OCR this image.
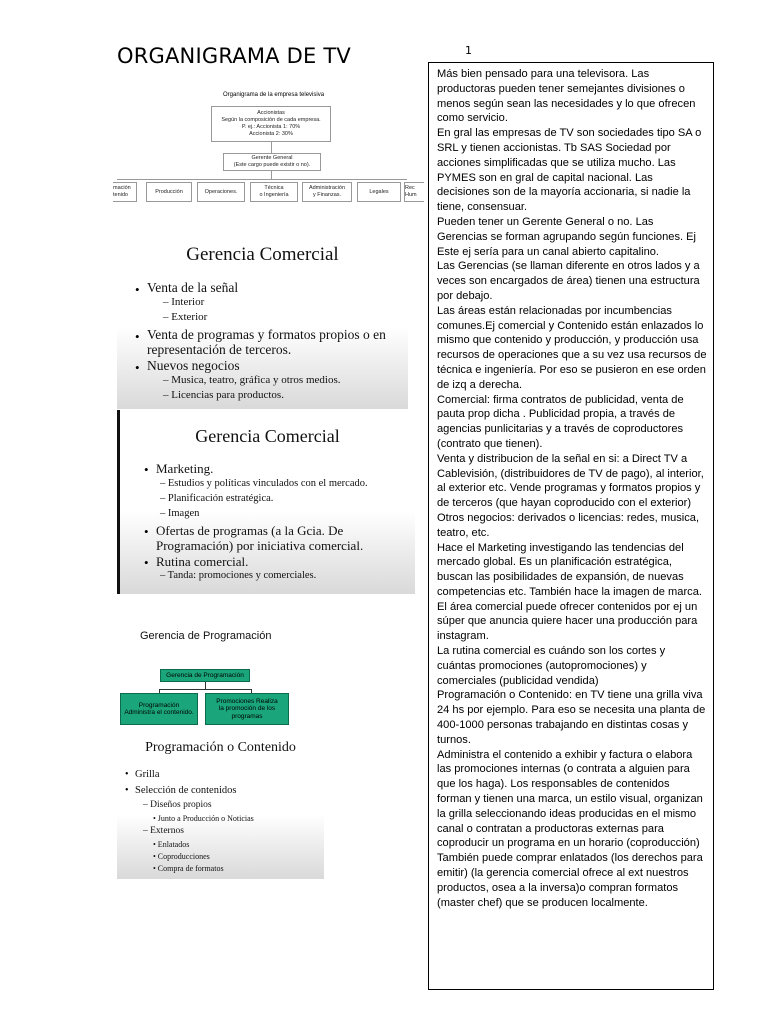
ORGANIGRAMA DE TV	1
Organigrama de la empresa televisiva
Accionistas
Según la composición de cada empresa.
P. ej.: Accionista 1: 70%
Accionista 2: 30%
Gerente General
(Este cargo puede existir o no).
mación
tenido
Producción	Operaciones.
Técnica
o Ingeniería
Administración
y Finanzas.
Legales
Rec
Hum
Gerencia Comercial
• Venta de la señal
– Interior
– Exterior
• Venta de programas y formatos propios o en
representación de terceros.
• Nuevos negocios
– Musica, teatro, gráfica y otros medios.
– Licencias para productos.
Gerencia Comercial
• Marketing.
– Estudios y políticas vinculados con el mercado.
– Planificación estratégica.
– Imagen
• Ofertas de programas (a la Gcia. De
Programación) por iniciativa comercial.
• Rutina comercial.
– Tanda: promociones y comerciales.
Gerencia de Programación
Gerencia de Programación
Programación
Administra el contenido.
Promociones Realiza
la promoción de los
programas
Programación o Contenido
• Grilla
• Selección de contenidos
– Diseños propios
• Junto a Producción o Noticias
– Externos
• Enlatados
• Coproducciones
• Compra de formatos

Más bien pensado para una televisora. Las productoras pueden tener semejantes divisiones o menos según sean las necesidades y lo que ofrecen como servicio.

En gral las empresas de TV son sociedades tipo SA o SRL y tienen accionistas. Tb SAS Sociedad por acciones simplificadas que se utiliza mucho. Las PYMES son en gral de capital nacional. Las decisiones son de la mayoría accionaria, si nadie la tiene, consensuar.

Pueden tener un Gerente General o no. Las Gerencias se forman agrupando según funciones. Ej

Este ej sería para un canal abierto capitalino.

Las Gerencias (se llaman diferente en otros lados y a veces son encargados de área) tienen una estructura por debajo.

Las áreas están relacionadas por incumbencias comunes.Ej comercial y Contenido están enlazados lo mismo que contenido y producción, y producción usa recursos de operaciones que a su vez usa recursos de técnica e ingeniería. Por eso se pusieron en ese orden de izq a derecha.

Comercial: firma contratos de publicidad, venta de pauta prop dicha . Publicidad propia, a través de agencias punlicitarias y a través de coproductores (contrato que tienen).

Venta y distribucion de la señal en si: a Direct TV a Cablevisión, (distribuidores de TV de pago), al interior, al exterior etc. Vende programas y formatos propios y de terceros (que hayan coproducido con el exterior)

Otros negocios: derivados o licencias: redes, musica, teatro, etc.

Hace el Marketing investigando las tendencias del mercado global. Es un planificación estratégica, buscan las posibilidades de expansión, de nuevas competencias etc. También hace la imagen de marca.

El área comercial puede ofrecer contenidos por ej un súper que anuncia quiere hacer una producción para instagram.

La rutina comercial es cuándo son los cortes y cuántas promociones (autopromociones) y comerciales (publicidad vendida)

Programación o Contenido: en TV tiene una grilla viva 24 hs por ejemplo. Para eso se necesita una planta de 400-1000 personas trabajando en distintas cosas y turnos.

Administra el contenido a exhibir y factura o elabora las promociones internas (o contrata a alguien para que los haga). Los responsables de contenidos forman y tienen una marca, un estilo visual, organizan la grilla seleccionando ideas producidas en el mismo canal o contratan a productoras externas para coproducir un programa en un horario (coproducción)

También puede comprar enlatados (los derechos para emitir) (la gerencia comercial ofrece al ext nuestros productos, osea a la inversa)o compran formatos (master chef) que se producen localmente.
